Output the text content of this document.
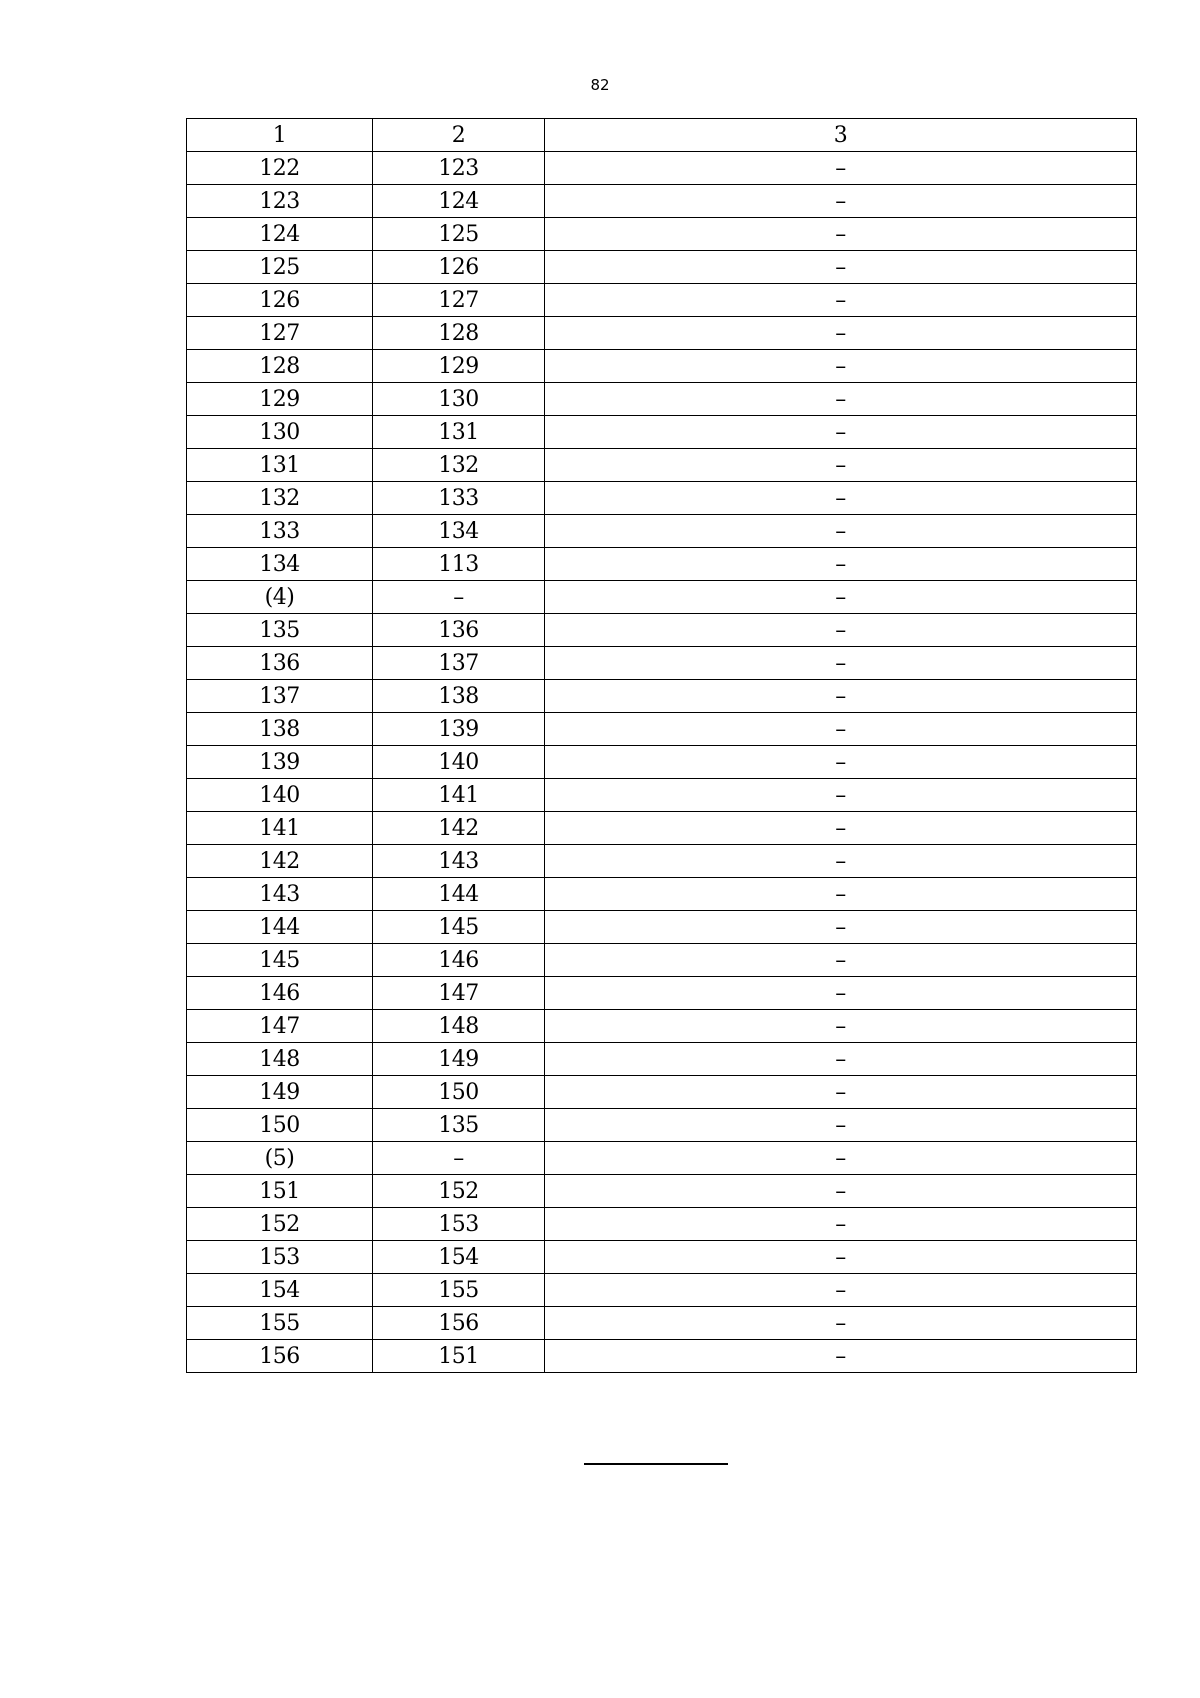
82
1	2	3
122	123	–
123	124	–
124	125	–
125	126	–
126	127	–
127	128	–
128	129	–
129	130	–
130	131	–
131	132	–
132	133	–
133	134	–
134	113	–
(4)	–	–
135	136	–
136	137	–
137	138	–
138	139	–
139	140	–
140	141	–
141	142	–
142	143	–
143	144	–
144	145	–
145	146	–
146	147	–
147	148	–
148	149	–
149	150	–
150	135	–
(5)	–	–
151	152	–
152	153	–
153	154	–
154	155	–
155	156	–
156	151	–
